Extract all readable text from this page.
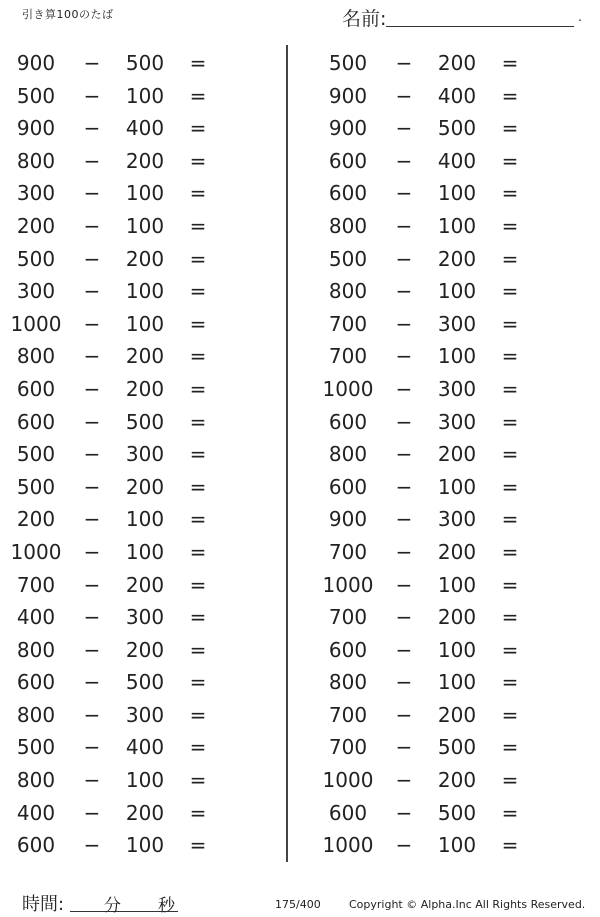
引き算100のたば	名前:	.
900	− 500 =
500	− 100 =
900	− 400 =
800	− 200 =
300	− 100 =
200	− 100 =
500	− 200 =
300	− 100 =
1000 − 100 =
800	− 200 =
600	− 200 =
600	− 500 =
500	− 300 =
500	− 200 =
200	− 100 =
1000 − 100 =
700	− 200 =
400	− 300 =
800	− 200 =
600	− 500 =
800	− 300 =
500	− 400 =
800	− 100 =
400	− 200 =
600	− 100 =
500	− 200 =
900	− 400 =
900	− 500 =
600	− 400 =
600	− 100 =
800	− 100 =
500	− 200 =
800	− 100 =
700	− 300 =
700	− 100 =
1000 − 300 =
600	− 300 =
800	− 200 =
600	− 100 =
900	− 300 =
700	− 200 =
1000 − 100 =
700	− 200 =
600	− 100 =
800	− 100 =
700	− 200 =
700	− 500 =
1000 − 200 =
600	− 500 =
1000 − 100 =
時間: 分 秒	175/400	Copyright © Alpha.Inc All Rights Reserved.
